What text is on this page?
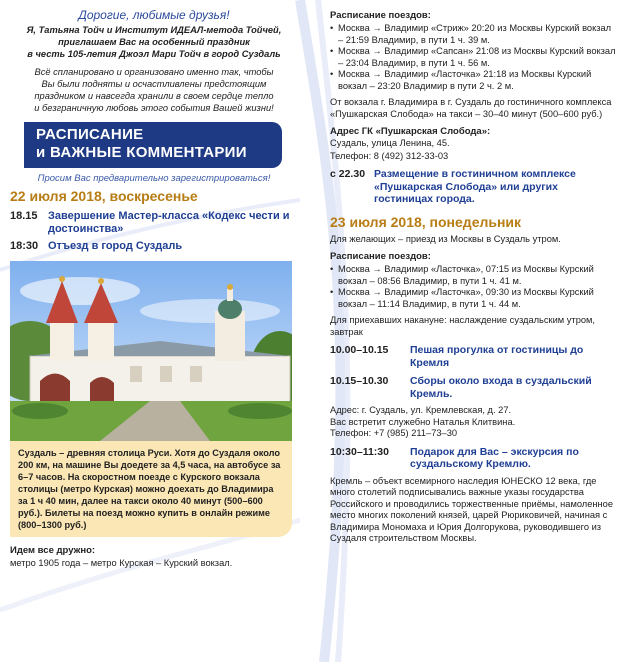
Дорогие, любимые друзья!
Я, Татьяна Тойч и Институт ИДЕАЛ-метода Тойчей,
приглашаем Вас на особенный праздник
в честь 105-летия Джоэл Мари Тойч в город Суздаль
Всё спланировано и организовано именно так, чтобы
Вы были подняты и осчастливлены предстоящим
праздником и навсегда хранили в своем сердце тепло
и безграничную любовь этого события Вашей жизни!
РАСПИСАНИЕ
и ВАЖНЫЕ КОММЕНТАРИИ
Просим Вас предварительно зарегистрироваться!
22 июля 2018, воскресенье
18.15 Завершение Мастер-класса «Кодекс чести и достоинства»
18:30 Отъезд в город Суздаль
Суздаль – древняя столица Руси. Хотя до Суздаля около 200 км, на машине Вы доедете за 4,5 часа, на автобусе за 6–7 часов. На скоростном поезде с Курского вокзала столицы (метро Курская) можно доехать до Владимира за 1 ч 40 мин, далее на такси около 40 минут (500–600 руб.). Билеты на поезд можно купить в онлайн режиме (800–1300 руб.)
Идем все дружно:
метро 1905 года – метро Курская – Курский вокзал.
Расписание поездов:
• Москва → Владимир «Стриж» 20:20 из Москвы Курский вокзал – 21:59 Владимир, в пути 1 ч. 39 м.
• Москва → Владимир «Сапсан» 21:08 из Москвы Курский вокзал – 23:04 Владимир, в пути 1 ч. 56 м.
• Москва → Владимир «Ласточка» 21:18 из Москвы Курский вокзал – 23:20 Владимир в пути 2 ч. 2 м.
От вокзала г. Владимира в г. Суздаль до гостиничного комплекса «Пушкарская Слобода» на такси – 30–40 минут (500–600 руб.)
Адрес ГК «Пушкарская Слобода»:
Суздаль, улица Ленина, 45.
Телефон: 8 (492) 312-33-03
с 22.30 Размещение в гостиничном комплексе «Пушкарская Слобода» или других гостиницах города.
23 июля 2018, понедельник
Для желающих – приезд из Москвы в Суздаль утром.
Расписание поездов:
• Москва → Владимир «Ласточка», 07:15 из Москвы Курский вокзал – 08:56 Владимир, в пути 1 ч. 41 м.
• Москва → Владимир «Ласточка», 09:30 из Москвы Курский вокзал – 11:14 Владимир, в пути 1 ч. 44 м.
Для приехавших накануне: наслаждение суздальским утром, завтрак
10.00–10.15	Пешая прогулка от гостиницы до Кремля
10.15–10.30	Сборы около входа в суздальский Кремль.
Адрес: г. Суздаль, ул. Кремлевская, д. 27.
Вас встретит служебно Наталья Клитвина.
Телефон: +7 (985) 211–73–30
10:30–11:30	Подарок для Вас – экскурсия по суздальскому Кремлю.
Кремль – объект всемирного наследия ЮНЕСКО 12 века, где много столетий подписывались важные указы государства Российского и проводились торжественные приёмы, намоленное место многих поколений князей, царей Рюриковичей, начиная с Владимира Мономаха и Юрия Долгорукова, руководившего из Суздаля строительством Москвы.
